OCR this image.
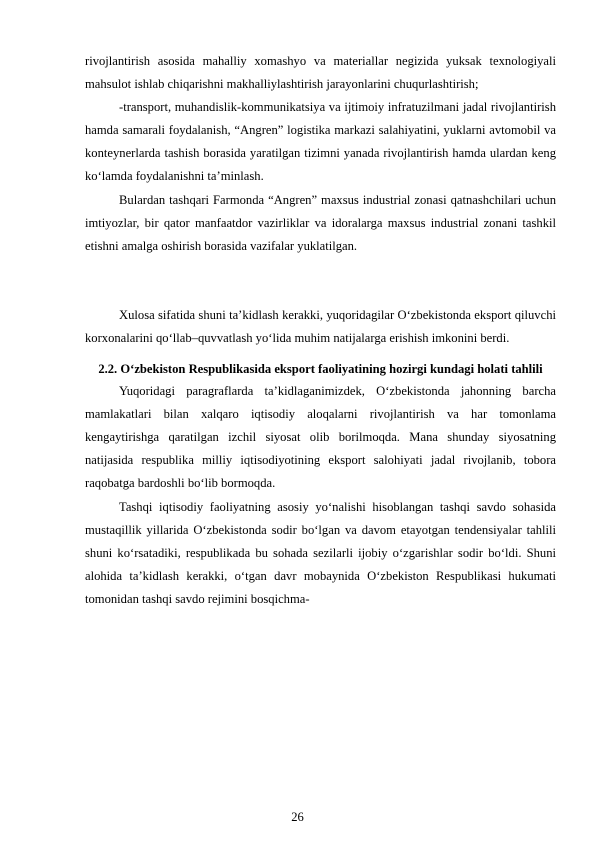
rivojlantirish asosida mahalliy xomashyo va materiallar negizida yuksak texnologiyali mahsulot ishlab chiqarishni makhalliylashtirish jarayonlarini chuqurlashtirish;

-transport, muhandislik-kommunikatsiya va ijtimoiy infratuzilmani jadal rivojlantirish hamda samarali foydalanish, “Angren” logistika markazi salahiyatini, yuklarni avtomobil va konteynerlarda tashish borasida yaratilgan tizimni yanada rivojlantirish hamda ulardan keng ko‘lamda foydalanishni ta’minlash.

Bulardan tashqari Farmonda “Angren” maxsus industrial zonasi qatnashchilari uchun imtiyozlar, bir qator manfaatdor vazirliklar va idoralarga maxsus industrial zonani tashkil etishni amalga oshirish borasida vazifalar yuklatilgan.

Xulosa sifatida shuni ta’kidlash kerakki, yuqoridagilar O‘zbekistonda eksport qiluvchi korxonalarini qo‘llab–quvvatlash yo‘lida muhim natijalarga erishish imkonini berdi.

2.2. O‘zbekiston Respublikasida eksport faoliyatining hozirgi kundagi holati tahlili

Yuqoridagi paragraflarda ta’kidlaganimizdek, O‘zbekistonda jahonning barcha mamlakatlari bilan xalqaro iqtisodiy aloqalarni rivojlantirish va har tomonlama kengaytirishga qaratilgan izchil siyosat olib borilmoqda. Mana shunday siyosatning natijasida respublika milliy iqtisodiyotining eksport salohiyati jadal rivojlanib, tobora raqobatga bardoshli bo‘lib bormoqda.

Tashqi iqtisodiy faoliyatning asosiy yo‘nalishi hisoblangan tashqi savdo sohasida mustaqillik yillarida O‘zbekistonda sodir bo‘lgan va davom etayotgan tendensiyalar tahlili shuni ko‘rsatadiki, respublikada bu sohada sezilarli ijobiy o‘zgarishlar sodir bo‘ldi. Shuni alohida ta’kidlash kerakki, o‘tgan davr mobaynida O‘zbekiston Respublikasi hukumati tomonidan tashqi savdo rejimini bosqichma-

26
